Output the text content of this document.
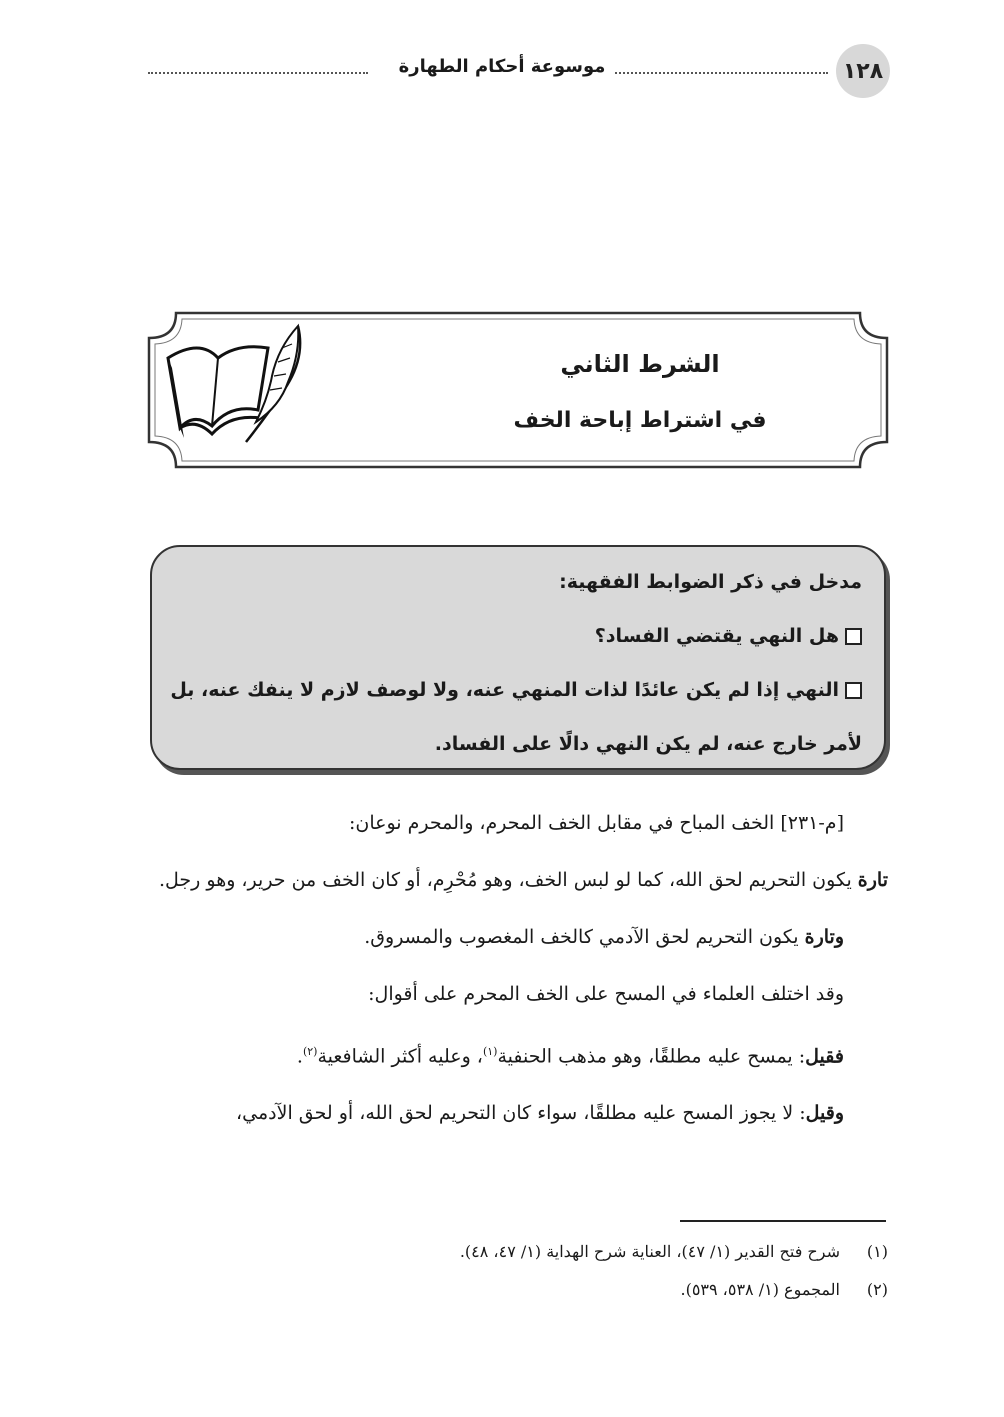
موسوعة أحكام الطهارة	١٢٨
الشرط الثاني
في اشتراط إباحة الخف
مدخل في ذكر الضوابط الفقهية:
هل النهي يقتضي الفساد؟
النهي إذا لم يكن عائدًا لذات المنهي عنه، ولا لوصف لازم لا ينفك عنه، بل
لأمر خارج عنه، لم يكن النهي دالًا على الفساد.

[م-٢٣١] الخف المباح في مقابل الخف المحرم، والمحرم نوعان:

تارة يكون التحريم لحق الله، كما لو لبس الخف، وهو مُحْرِم، أو كان الخف من حرير، وهو رجل.

وتارة يكون التحريم لحق الآدمي كالخف المغصوب والمسروق.

وقد اختلف العلماء في المسح على الخف المحرم على أقوال:

فقيل: يمسح عليه مطلقًا، وهو مذهب الحنفية$^{(١)}$، وعليه أكثر الشافعية$^{(٢)}$.

وقيل: لا يجوز المسح عليه مطلقًا، سواء كان التحريم لحق الله، أو لحق الآدمي،

(١)شرح فتح القدير (١/ ٤٧)، العناية شرح الهداية (١/ ٤٧، ٤٨).
(٢)المجموع (١/ ٥٣٨، ٥٣٩).
